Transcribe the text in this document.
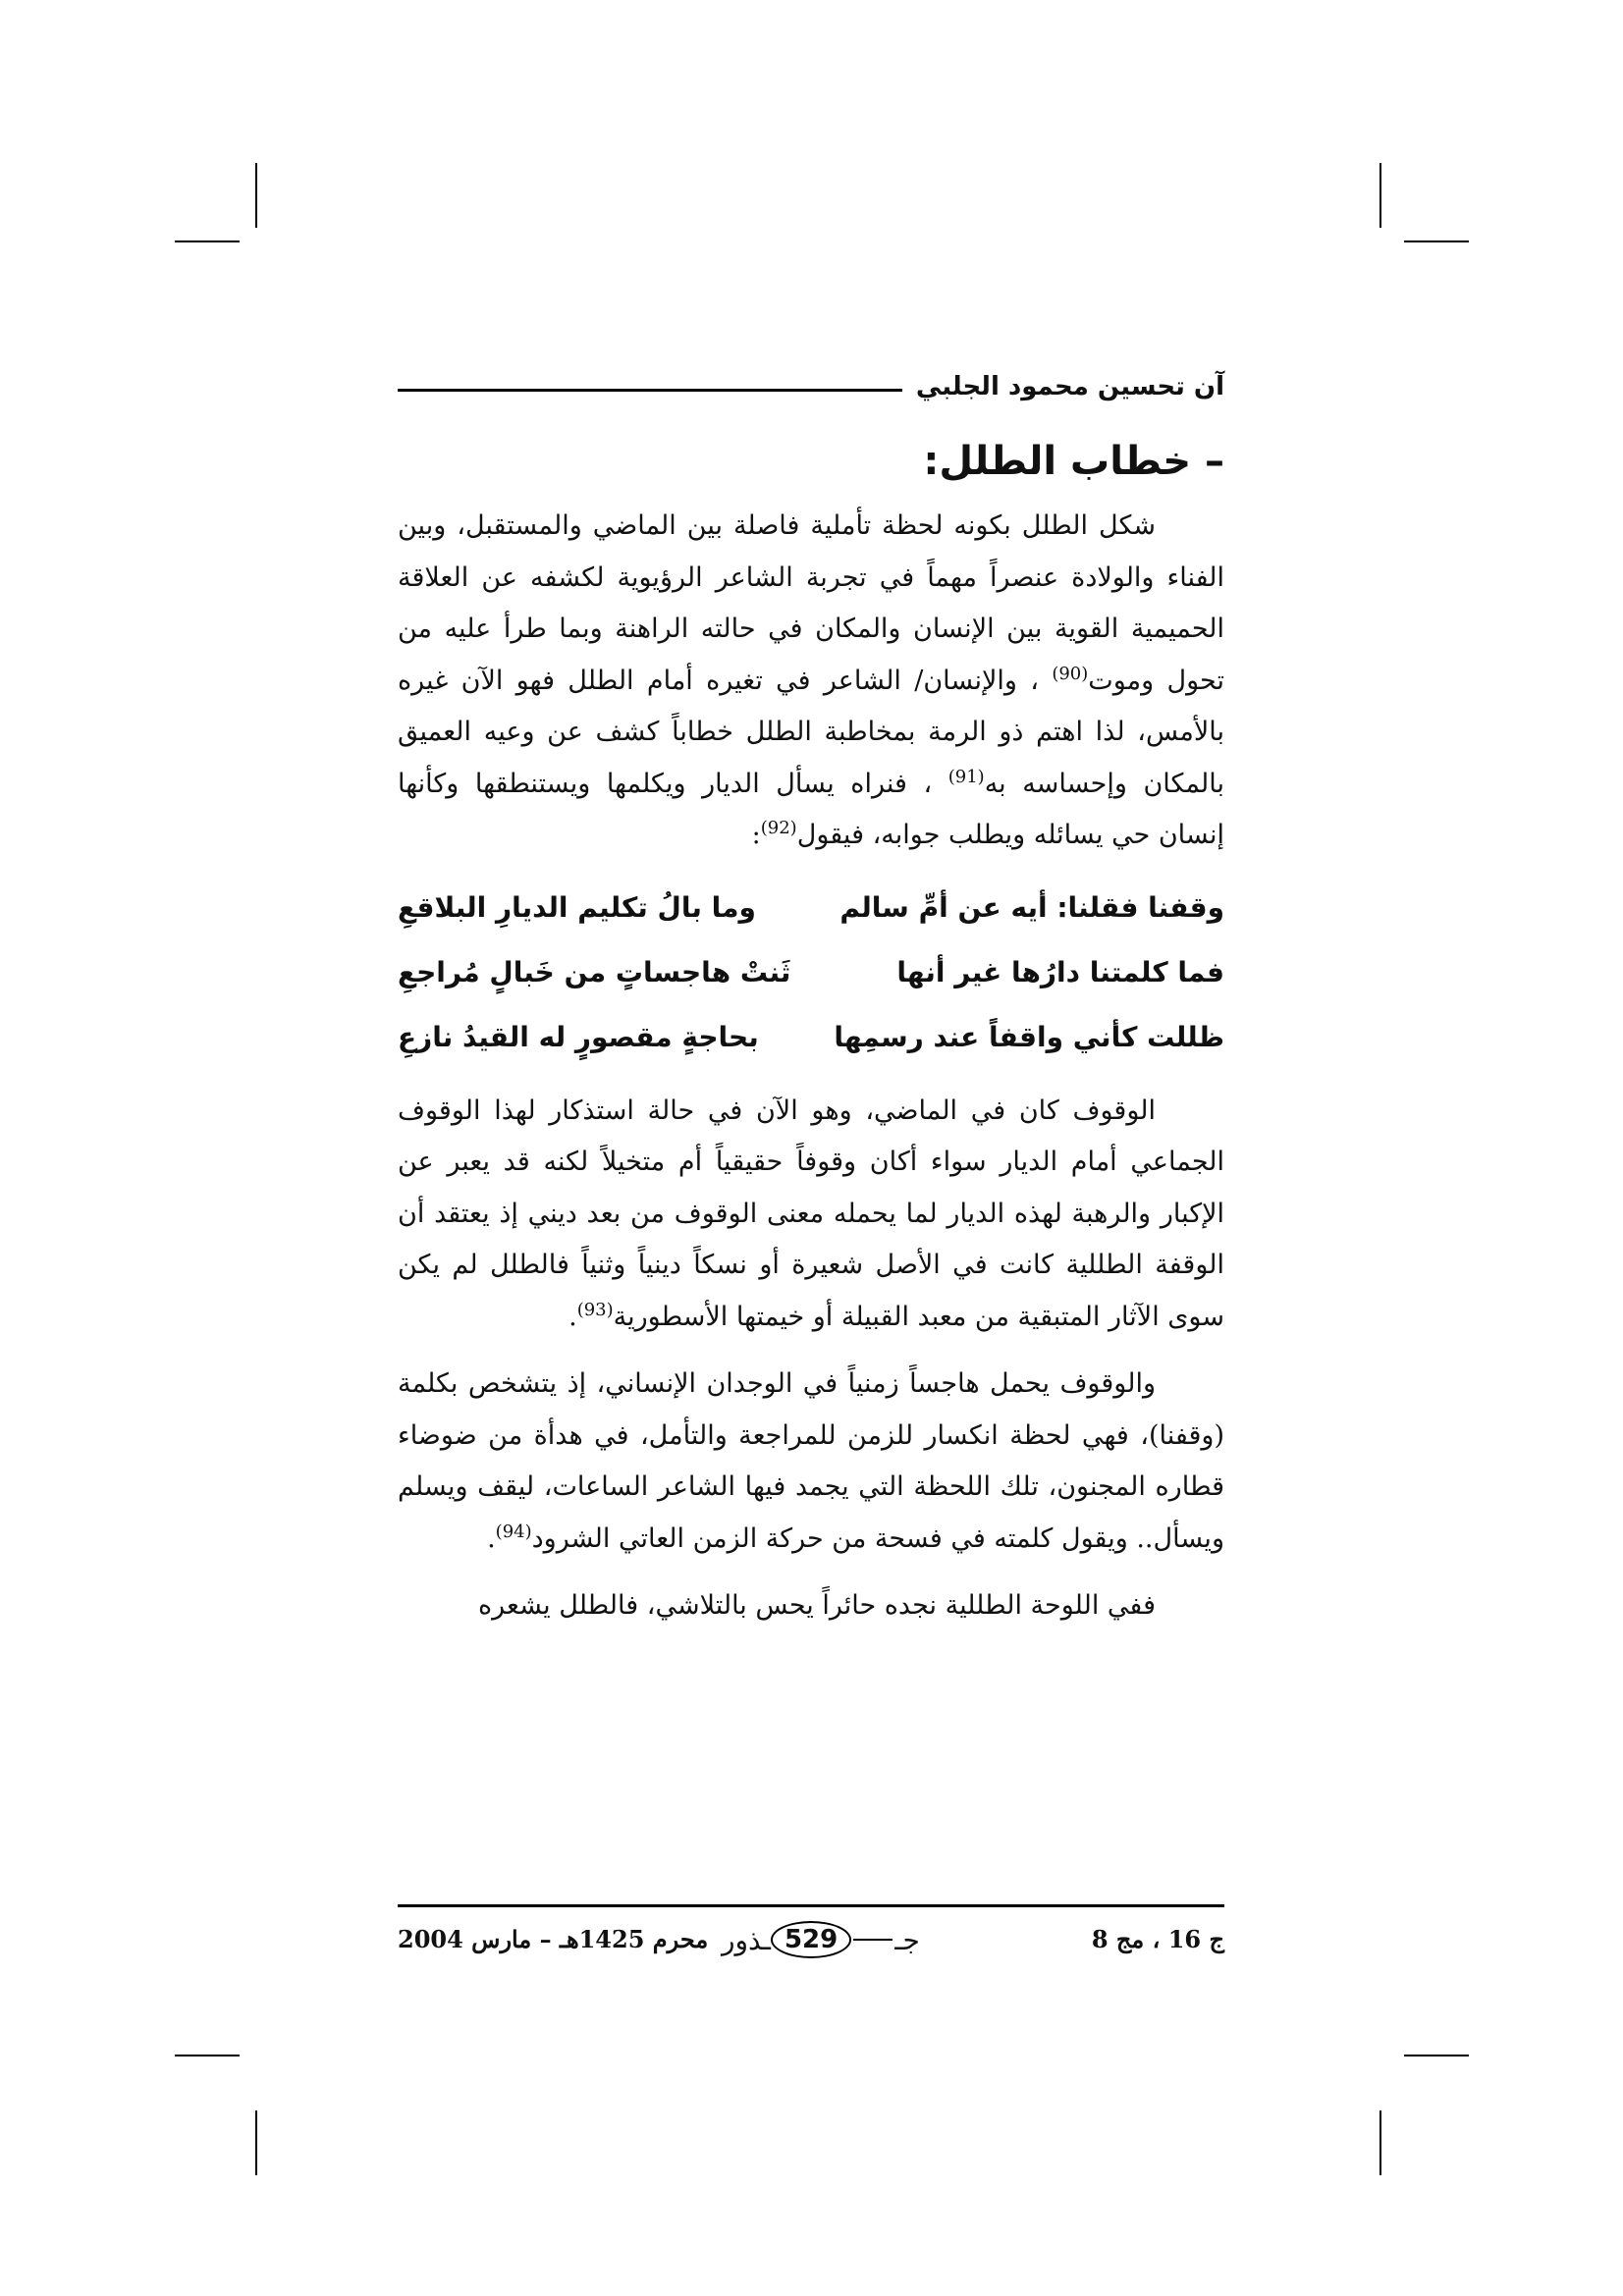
آن تحسين محمود الجلبي
– خطاب الطلل:

شكل الطلل بكونه لحظة تأملية فاصلة بين الماضي والمستقبل، وبين الفناء والولادة عنصراً مهماً في تجربة الشاعر الرؤيوية لكشفه عن العلاقة الحميمية القوية بين الإنسان والمكان في حالته الراهنة وبما طرأ عليه من تحول وموت$^{(90)}$ ، والإنسان/ الشاعر في تغيره أمام الطلل فهو الآن غيره بالأمس، لذا اهتم ذو الرمة بمخاطبة الطلل خطاباً كشف عن وعيه العميق بالمكان وإحساسه به$^{(91)}$ ، فنراه يسأل الديار ويكلمها ويستنطقها وكأنها إنسان حي يسائله ويطلب جوابه، فيقول$^{(92)}$:

وقفنا فقلنا: أيه عن أمِّ سالم
وما بالُ تكليم الديارِ البلاقعِ
فما كلمتنا دارُها غير أنها
ثَنتْ هاجساتٍ من خَبالٍ مُراجعِ
ظللت كأني واقفاً عند رسمِها
بحاجةٍ مقصورٍ له القيدُ نازعِ

الوقوف كان في الماضي، وهو الآن في حالة استذكار لهذا الوقوف الجماعي أمام الديار سواء أكان وقوفاً حقيقياً أم متخيلاً لكنه قد يعبر عن الإكبار والرهبة لهذه الديار لما يحمله معنى الوقوف من بعد ديني إذ يعتقد أن الوقفة الطللية كانت في الأصل شعيرة أو نسكاً دينياً وثنياً فالطلل لم يكن سوى الآثار المتبقية من معبد القبيلة أو خيمتها الأسطورية$^{(93)}$.

والوقوف يحمل هاجساً زمنياً في الوجدان الإنساني، إذ يتشخص بكلمة (وقفنا)، فهي لحظة انكسار للزمن للمراجعة والتأمل، في هدأة من ضوضاء قطاره المجنون، تلك اللحظة التي يجمد فيها الشاعر الساعات، ليقف ويسلم ويسأل.. ويقول كلمته في فسحة من حركة الزمن العاتي الشرود$^{(94)}$.

ففي اللوحة الطللية نجده حائراً يحس بالتلاشي، فالطلل يشعره

ج 16 ، مج 8
جـ
529
ـذور
محرم 1425هـ – مارس 2004
